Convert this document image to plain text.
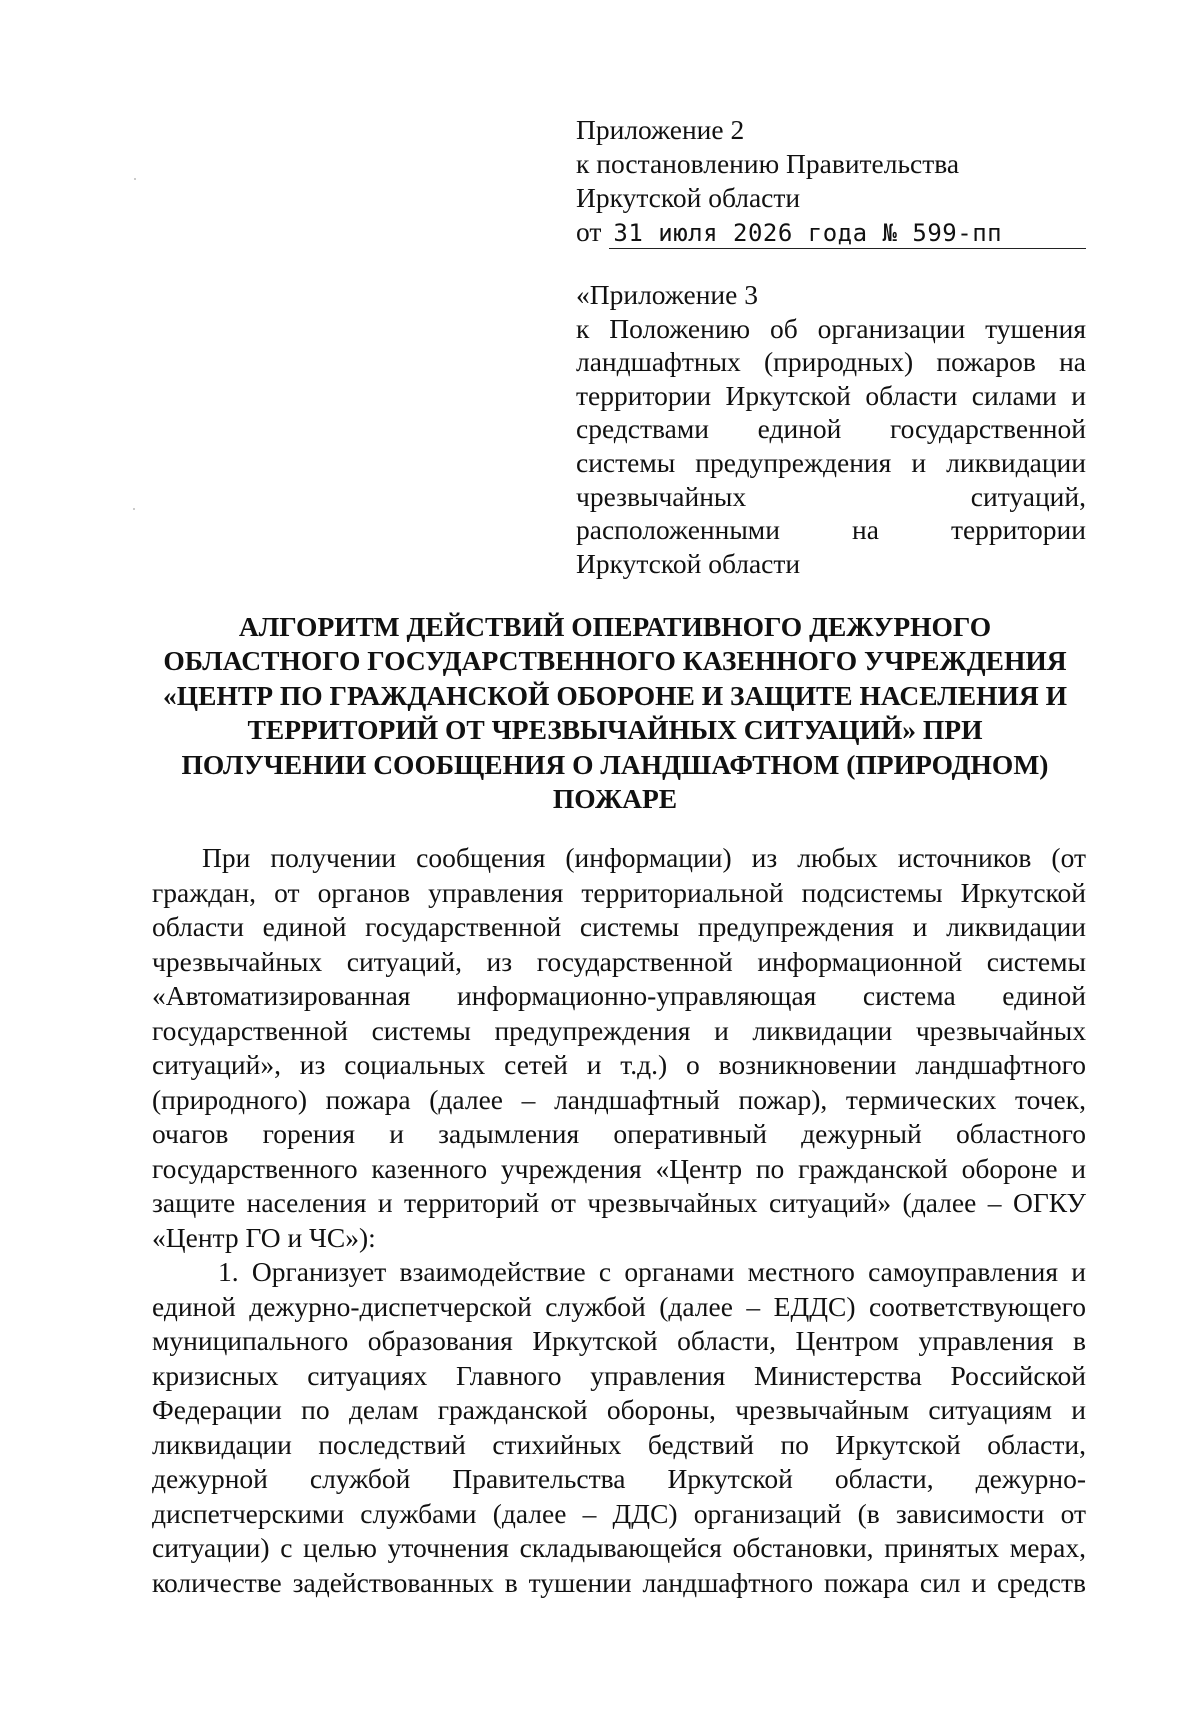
Приложение 2
к постановлению Правительства
Иркутской области
от 31 июля 2026 года № 599-пп
«Приложение 3
к Положению об организации тушения
ландшафтных (природных) пожаров на
территории Иркутской области силами и
средствами единой государственной
системы предупреждения и ликвидации
чрезвычайных ситуаций,
расположенными на территории
Иркутской области
АЛГОРИТМ ДЕЙСТВИЙ ОПЕРАТИВНОГО ДЕЖУРНОГО
ОБЛАСТНОГО ГОСУДАРСТВЕННОГО КАЗЕННОГО УЧРЕЖДЕНИЯ
«ЦЕНТР ПО ГРАЖДАНСКОЙ ОБОРОНЕ И ЗАЩИТЕ НАСЕЛЕНИЯ И
ТЕРРИТОРИЙ ОТ ЧРЕЗВЫЧАЙНЫХ СИТУАЦИЙ» ПРИ
ПОЛУЧЕНИИ СООБЩЕНИЯ О ЛАНДШАФТНОМ (ПРИРОДНОМ)
ПОЖАРЕ
При получении сообщения (информации) из любых источников (от
граждан, от органов управления территориальной подсистемы Иркутской
области единой государственной системы предупреждения и ликвидации
чрезвычайных ситуаций, из государственной информационной системы
«Автоматизированная информационно-управляющая система единой
государственной системы предупреждения и ликвидации чрезвычайных
ситуаций», из социальных сетей и т.д.) о возникновении ландшафтного
(природного) пожара (далее – ландшафтный пожар), термических точек,
очагов горения и задымления оперативный дежурный областного
государственного казенного учреждения «Центр по гражданской обороне и
защите населения и территорий от чрезвычайных ситуаций» (далее – ОГКУ
«Центр ГО и ЧС»):
1. Организует взаимодействие с органами местного самоуправления и
единой дежурно-диспетчерской службой (далее – ЕДДС) соответствующего
муниципального образования Иркутской области, Центром управления в
кризисных ситуациях Главного управления Министерства Российской
Федерации по делам гражданской обороны, чрезвычайным ситуациям и
ликвидации последствий стихийных бедствий по Иркутской области,
дежурной службой Правительства Иркутской области, дежурно-
диспетчерскими службами (далее – ДДС) организаций (в зависимости от
ситуации) с целью уточнения складывающейся обстановки, принятых мерах,
количестве задействованных в тушении ландшафтного пожара сил и средств
